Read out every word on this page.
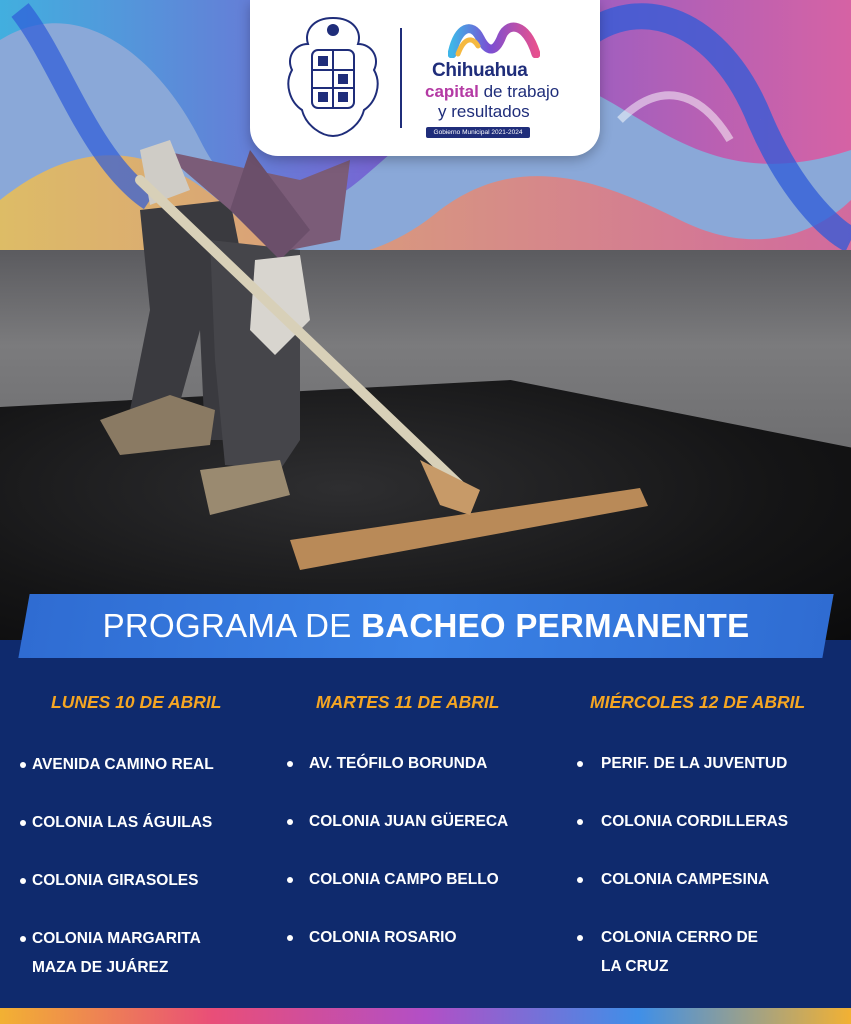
Chihuahua
capital de trabajo
y resultados
Gobierno Municipal 2021-2024
PROGRAMA DE BACHEO PERMANENTE
LUNES 10 DE ABRIL
AVENIDA CAMINO REAL
COLONIA LAS ÁGUILAS
COLONIA GIRASOLES
COLONIA MARGARITA
MAZA DE JUÁREZ
MARTES 11 DE ABRIL
AV. TEÓFILO BORUNDA
COLONIA JUAN GÜERECA
COLONIA CAMPO BELLO
COLONIA ROSARIO
MIÉRCOLES 12 DE ABRIL
PERIF. DE LA JUVENTUD
COLONIA CORDILLERAS
COLONIA CAMPESINA
COLONIA CERRO DE
LA CRUZ
